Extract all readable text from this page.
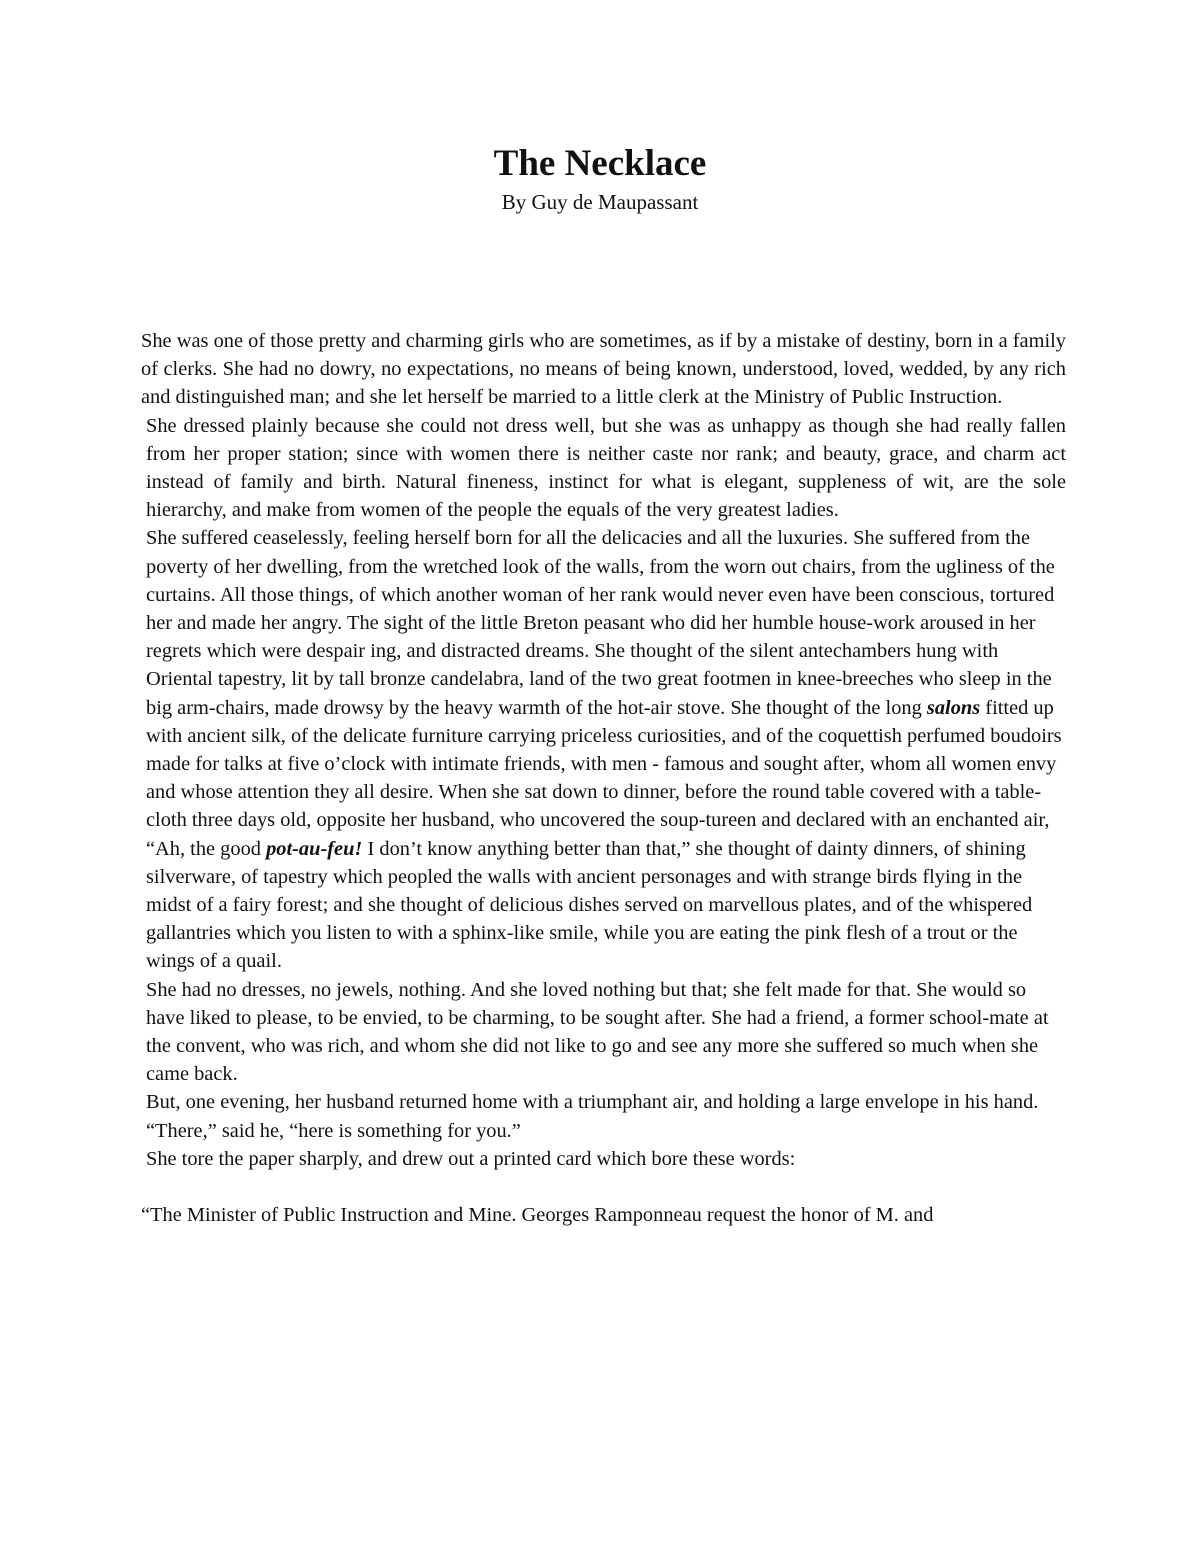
The Necklace

By Guy de Maupassant

She was one of those pretty and charming girls who are sometimes, as if by a mistake of destiny, born in a family of clerks. She had no dowry, no expectations, no means of being known, understood, loved, wedded, by any rich and distinguished man; and she let herself be married to a little clerk at the Ministry of Public Instruction.

She dressed plainly because she could not dress well, but she was as unhappy as though she had really fallen from her proper station; since with women there is neither caste nor rank; and beauty, grace, and charm act instead of family and birth. Natural fineness, instinct for what is elegant, suppleness of wit, are the sole hierarchy, and make from women of the people the equals of the very greatest ladies.

She suffered ceaselessly, feeling herself born for all the delicacies and all the luxuries. She suffered from the poverty of her dwelling, from the wretched look of the walls, from the worn out chairs, from the ugliness of the curtains. All those things, of which another woman of her rank would never even have been conscious, tortured her and made her angry. The sight of the little Breton peasant who did her humble house-work aroused in her regrets which were despair ing, and distracted dreams. She thought of the silent antechambers hung with Oriental tapestry, lit by tall bronze candelabra, land of the two great footmen in knee-breeches who sleep in the big arm-chairs, made drowsy by the heavy warmth of the hot-air stove. She thought of the long salons fitted up with ancient silk, of the delicate furniture carrying priceless curiosities, and of the coquettish perfumed boudoirs made for talks at five o’clock with intimate friends, with men - famous and sought after, whom all women envy and whose attention they all desire. When she sat down to dinner, before the round table covered with a table-cloth three days old, opposite her husband, who uncovered the soup-tureen and declared with an enchanted air, “Ah, the good pot-au-feu! I don’t know anything better than that,” she thought of dainty dinners, of shining silverware, of tapestry which peopled the walls with ancient personages and with strange birds flying in the midst of a fairy forest; and she thought of delicious dishes served on marvellous plates, and of the whispered gallantries which you listen to with a sphinx-like smile, while you are eating the pink flesh of a trout or the wings of a quail.

She had no dresses, no jewels, nothing. And she loved nothing but that; she felt made for that. She would so have liked to please, to be envied, to be charming, to be sought after. She had a friend, a former school-mate at the convent, who was rich, and whom she did not like to go and see any more she suffered so much when she came back.

But, one evening, her husband returned home with a triumphant air, and holding a large envelope in his hand.

“There,” said he, “here is something for you.”

She tore the paper sharply, and drew out a printed card which bore these words:

“The Minister of Public Instruction and Mine. Georges Ramponneau request the honor of M. and
